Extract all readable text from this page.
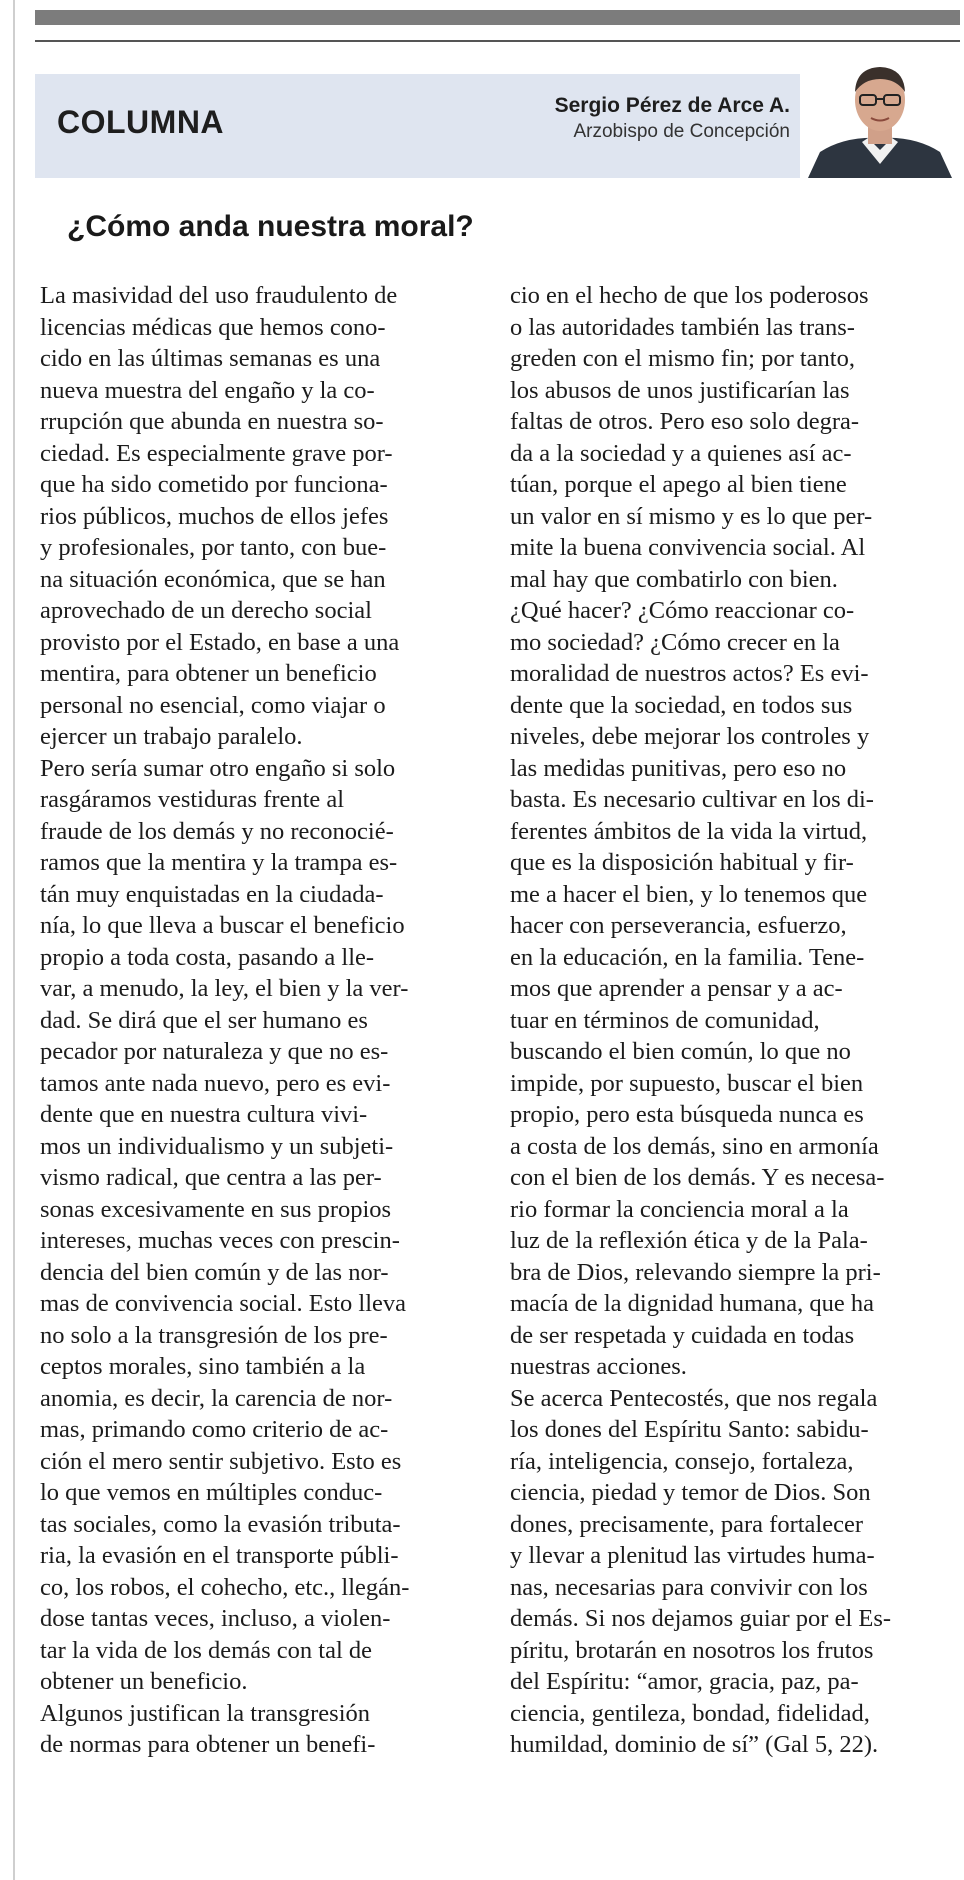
COLUMNA	Sergio Pérez de Arce A.
Arzobispo de Concepción
¿Cómo anda nuestra moral?

La masividad del uso fraudulento de

licencias médicas que hemos cono-

cido en las últimas semanas es una

nueva muestra del engaño y la co-

rrupción que abunda en nuestra so-

ciedad. Es especialmente grave por-

que ha sido cometido por funciona-

rios públicos, muchos de ellos jefes

y profesionales, por tanto, con bue-

na situación económica, que se han

aprovechado de un derecho social

provisto por el Estado, en base a una

mentira, para obtener un beneficio

personal no esencial, como viajar o

ejercer un trabajo paralelo.

Pero sería sumar otro engaño si solo

rasgáramos vestiduras frente al

fraude de los demás y no reconocié-

ramos que la mentira y la trampa es-

tán muy enquistadas en la ciudada-

nía, lo que lleva a buscar el beneficio

propio a toda costa, pasando a lle-

var, a menudo, la ley, el bien y la ver-

dad. Se dirá que el ser humano es

pecador por naturaleza y que no es-

tamos ante nada nuevo, pero es evi-

dente que en nuestra cultura vivi-

mos un individualismo y un subjeti-

vismo radical, que centra a las per-

sonas excesivamente en sus propios

intereses, muchas veces con prescin-

dencia del bien común y de las nor-

mas de convivencia social. Esto lleva

no solo a la transgresión de los pre-

ceptos morales, sino también a la

anomia, es decir, la carencia de nor-

mas, primando como criterio de ac-

ción el mero sentir subjetivo. Esto es

lo que vemos en múltiples conduc-

tas sociales, como la evasión tributa-

ria, la evasión en el transporte públi-

co, los robos, el cohecho, etc., llegán-

dose tantas veces, incluso, a violen-

tar la vida de los demás con tal de

obtener un beneficio.

Algunos justifican la transgresión

de normas para obtener un benefi-

cio en el hecho de que los poderosos

o las autoridades también las trans-

greden con el mismo fin; por tanto,

los abusos de unos justificarían las

faltas de otros. Pero eso solo degra-

da a la sociedad y a quienes así ac-

túan, porque el apego al bien tiene

un valor en sí mismo y es lo que per-

mite la buena convivencia social. Al

mal hay que combatirlo con bien.

¿Qué hacer? ¿Cómo reaccionar co-

mo sociedad? ¿Cómo crecer en la

moralidad de nuestros actos? Es evi-

dente que la sociedad, en todos sus

niveles, debe mejorar los controles y

las medidas punitivas, pero eso no

basta. Es necesario cultivar en los di-

ferentes ámbitos de la vida la virtud,

que es la disposición habitual y fir-

me a hacer el bien, y lo tenemos que

hacer con perseverancia, esfuerzo,

en la educación, en la familia. Tene-

mos que aprender a pensar y a ac-

tuar en términos de comunidad,

buscando el bien común, lo que no

impide, por supuesto, buscar el bien

propio, pero esta búsqueda nunca es

a costa de los demás, sino en armonía

con el bien de los demás. Y es necesa-

rio formar la conciencia moral a la

luz de la reflexión ética y de la Pala-

bra de Dios, relevando siempre la pri-

macía de la dignidad humana, que ha

de ser respetada y cuidada en todas

nuestras acciones.

Se acerca Pentecostés, que nos regala

los dones del Espíritu Santo: sabidu-

ría, inteligencia, consejo, fortaleza,

ciencia, piedad y temor de Dios. Son

dones, precisamente, para fortalecer

y llevar a plenitud las virtudes huma-

nas, necesarias para convivir con los

demás. Si nos dejamos guiar por el Es-

píritu, brotarán en nosotros los frutos

del Espíritu: “amor, gracia, paz, pa-

ciencia, gentileza, bondad, fidelidad,

humildad, dominio de sí” (Gal 5, 22).
